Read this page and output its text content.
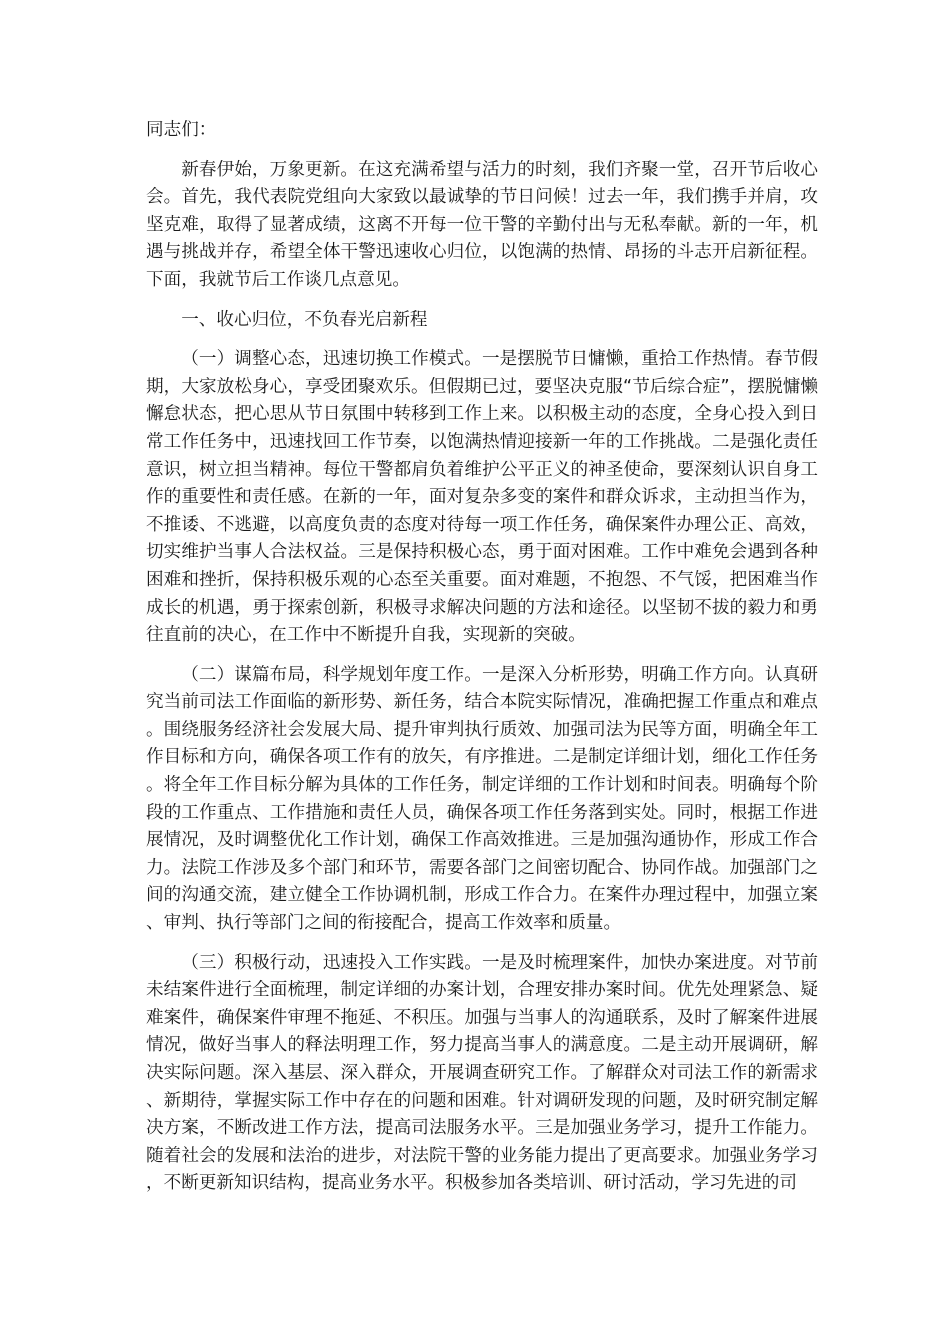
同志们：

新春伊始，万象更新。在这充满希望与活力的时刻，我们齐聚一堂，召开节后收心会。首先，我代表院党组向大家致以最诚挚的节日问候！过去一年，我们携手并肩，攻坚克难，取得了显著成绩，这离不开每一位干警的辛勤付出与无私奉献。新的一年，机遇与挑战并存，希望全体干警迅速收心归位，以饱满的热情、昂扬的斗志开启新征程。下面，我就节后工作谈几点意见。

一、收心归位，不负春光启新程

（一）调整心态，迅速切换工作模式。一是摆脱节日慵懒，重拾工作热情。春节假期，大家放松身心，享受团聚欢乐。但假期已过，要坚决克服“节后综合症”，摆脱慵懒懈怠状态，把心思从节日氛围中转移到工作上来。以积极主动的态度，全身心投入到日常工作任务中，迅速找回工作节奏，以饱满热情迎接新一年的工作挑战。二是强化责任意识，树立担当精神。每位干警都肩负着维护公平正义的神圣使命，要深刻认识自身工作的重要性和责任感。在新的一年，面对复杂多变的案件和群众诉求，主动担当作为，不推诿、不逃避，以高度负责的态度对待每一项工作任务，确保案件办理公正、高效，切实维护当事人合法权益。三是保持积极心态，勇于面对困难。工作中难免会遇到各种困难和挫折，保持积极乐观的心态至关重要。面对难题，不抱怨、不气馁，把困难当作成长的机遇，勇于探索创新，积极寻求解决问题的方法和途径。以坚韧不拔的毅力和勇往直前的决心，在工作中不断提升自我，实现新的突破。

（二）谋篇布局，科学规划年度工作。一是深入分析形势，明确工作方向。认真研究当前司法工作面临的新形势、新任务，结合本院实际情况，准确把握工作重点和难点。围绕服务经济社会发展大局、提升审判执行质效、加强司法为民等方面，明确全年工作目标和方向，确保各项工作有的放矢，有序推进。二是制定详细计划，细化工作任务。将全年工作目标分解为具体的工作任务，制定详细的工作计划和时间表。明确每个阶段的工作重点、工作措施和责任人员，确保各项工作任务落到实处。同时，根据工作进展情况，及时调整优化工作计划，确保工作高效推进。三是加强沟通协作，形成工作合力。法院工作涉及多个部门和环节，需要各部门之间密切配合、协同作战。加强部门之间的沟通交流，建立健全工作协调机制，形成工作合力。在案件办理过程中，加强立案、审判、执行等部门之间的衔接配合，提高工作效率和质量。

（三）积极行动，迅速投入工作实践。一是及时梳理案件，加快办案进度。对节前未结案件进行全面梳理，制定详细的办案计划，合理安排办案时间。优先处理紧急、疑难案件，确保案件审理不拖延、不积压。加强与当事人的沟通联系，及时了解案件进展情况，做好当事人的释法明理工作，努力提高当事人的满意度。二是主动开展调研，解决实际问题。深入基层、深入群众，开展调查研究工作。了解群众对司法工作的新需求、新期待，掌握实际工作中存在的问题和困难。针对调研发现的问题，及时研究制定解决方案，不断改进工作方法，提高司法服务水平。三是加强业务学习，提升工作能力。随着社会的发展和法治的进步，对法院干警的业务能力提出了更高要求。加强业务学习，不断更新知识结构，提高业务水平。积极参加各类培训、研讨活动，学习先进的司
